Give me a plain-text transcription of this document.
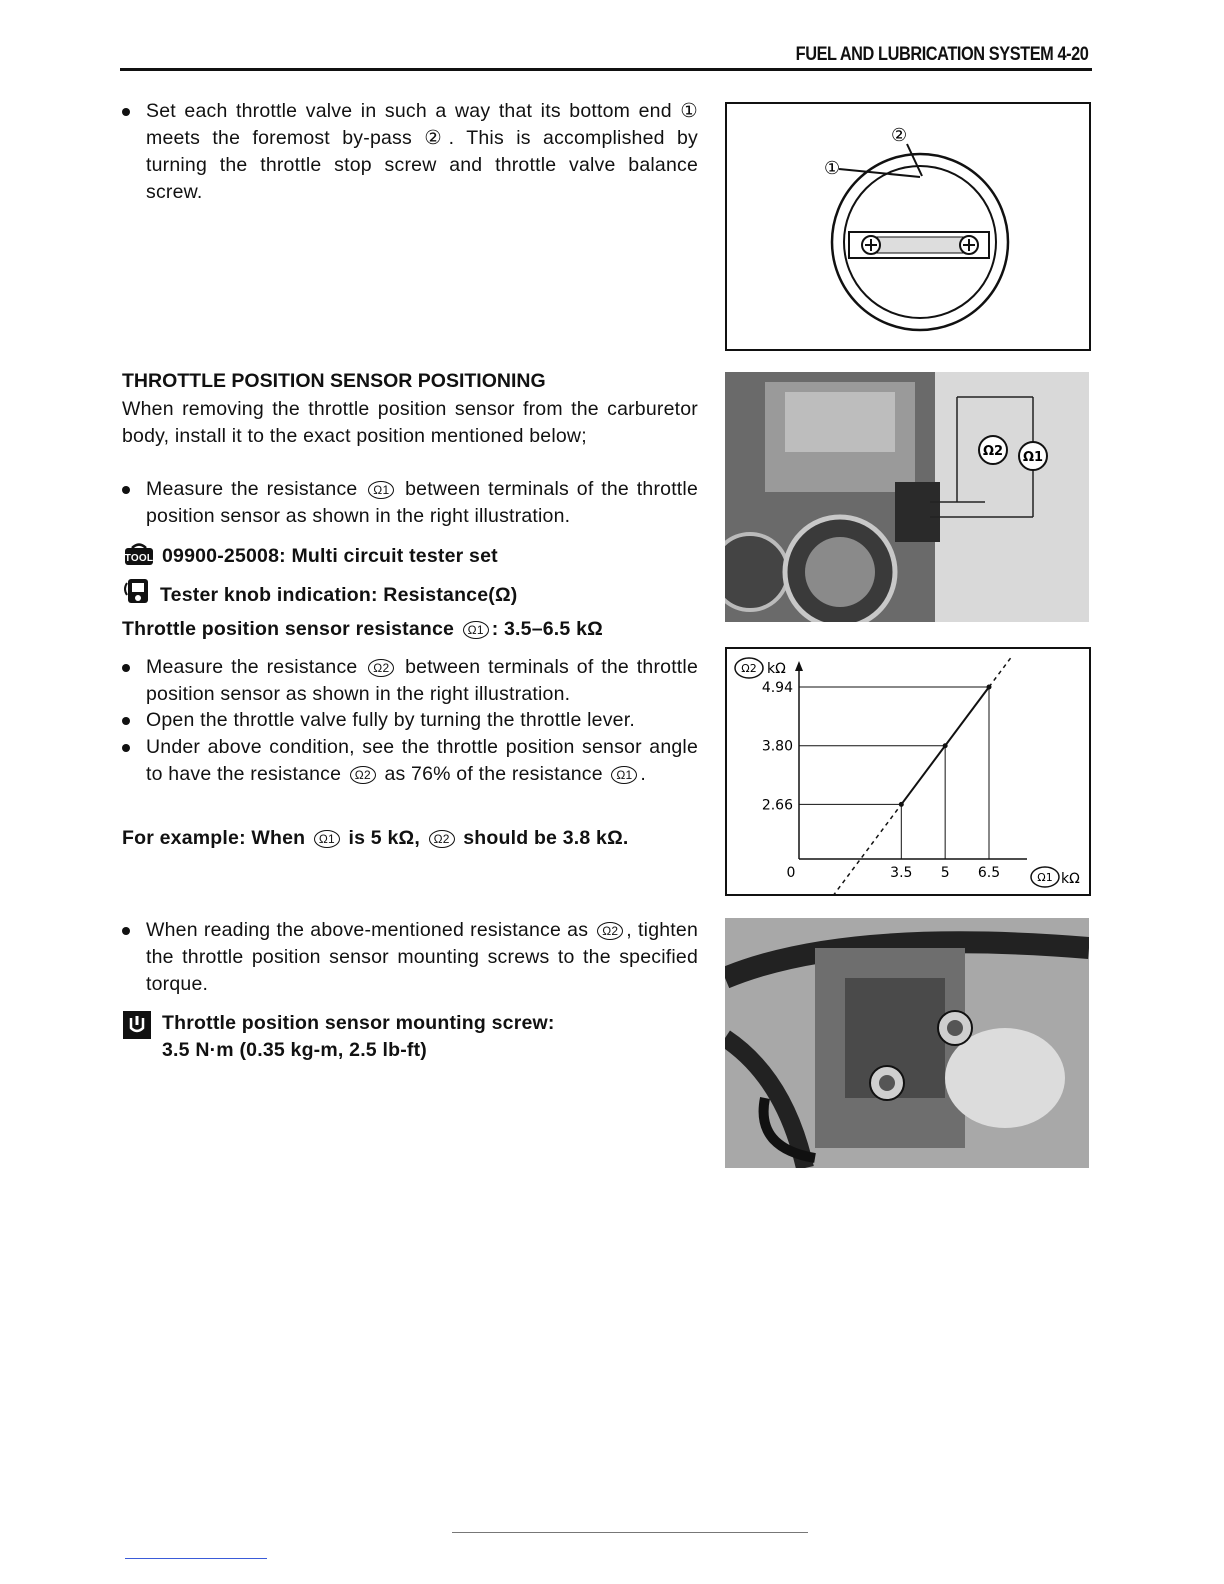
FUEL AND LUBRICATION SYSTEM 4-20
Set each throttle valve in such a way that its bottom end ① meets the foremost by-pass ②. This is accomplished by turning the throttle stop screw and throttle valve balance screw.
①
②
THROTTLE POSITION SENSOR POSITIONING
When removing the throttle position sensor from the carburetor body, install it to the exact position mentioned below;
Measure the resistance Ω1 between terminals of the throttle position sensor as shown in the right illustration.
TOOL 09900-25008: Multi circuit tester set
Tester knob indication: Resistance(Ω)
Throttle position sensor resistance Ω1 : 3.5–6.5 kΩ
Measure the resistance Ω2 between terminals of the throttle position sensor as shown in the right illustration.
Open the throttle valve fully by turning the throttle lever.
Under above condition, see the throttle position sensor angle to have the resistance Ω2 as 76% of the resistance Ω1 .
For example: When Ω1 is 5 kΩ, Ω2 should be 3.8 kΩ.
Ω2 Ω1
2.66
3.80
4.94
0	3.5 5 6.5
Ω2 kΩ
Ω1 kΩ
When reading the above-mentioned resistance as Ω2 , tighten the throttle position sensor mounting screws to the specified torque.
Throttle position sensor mounting screw:
3.5 N·m (0.35 kg-m, 2.5 lb-ft)
